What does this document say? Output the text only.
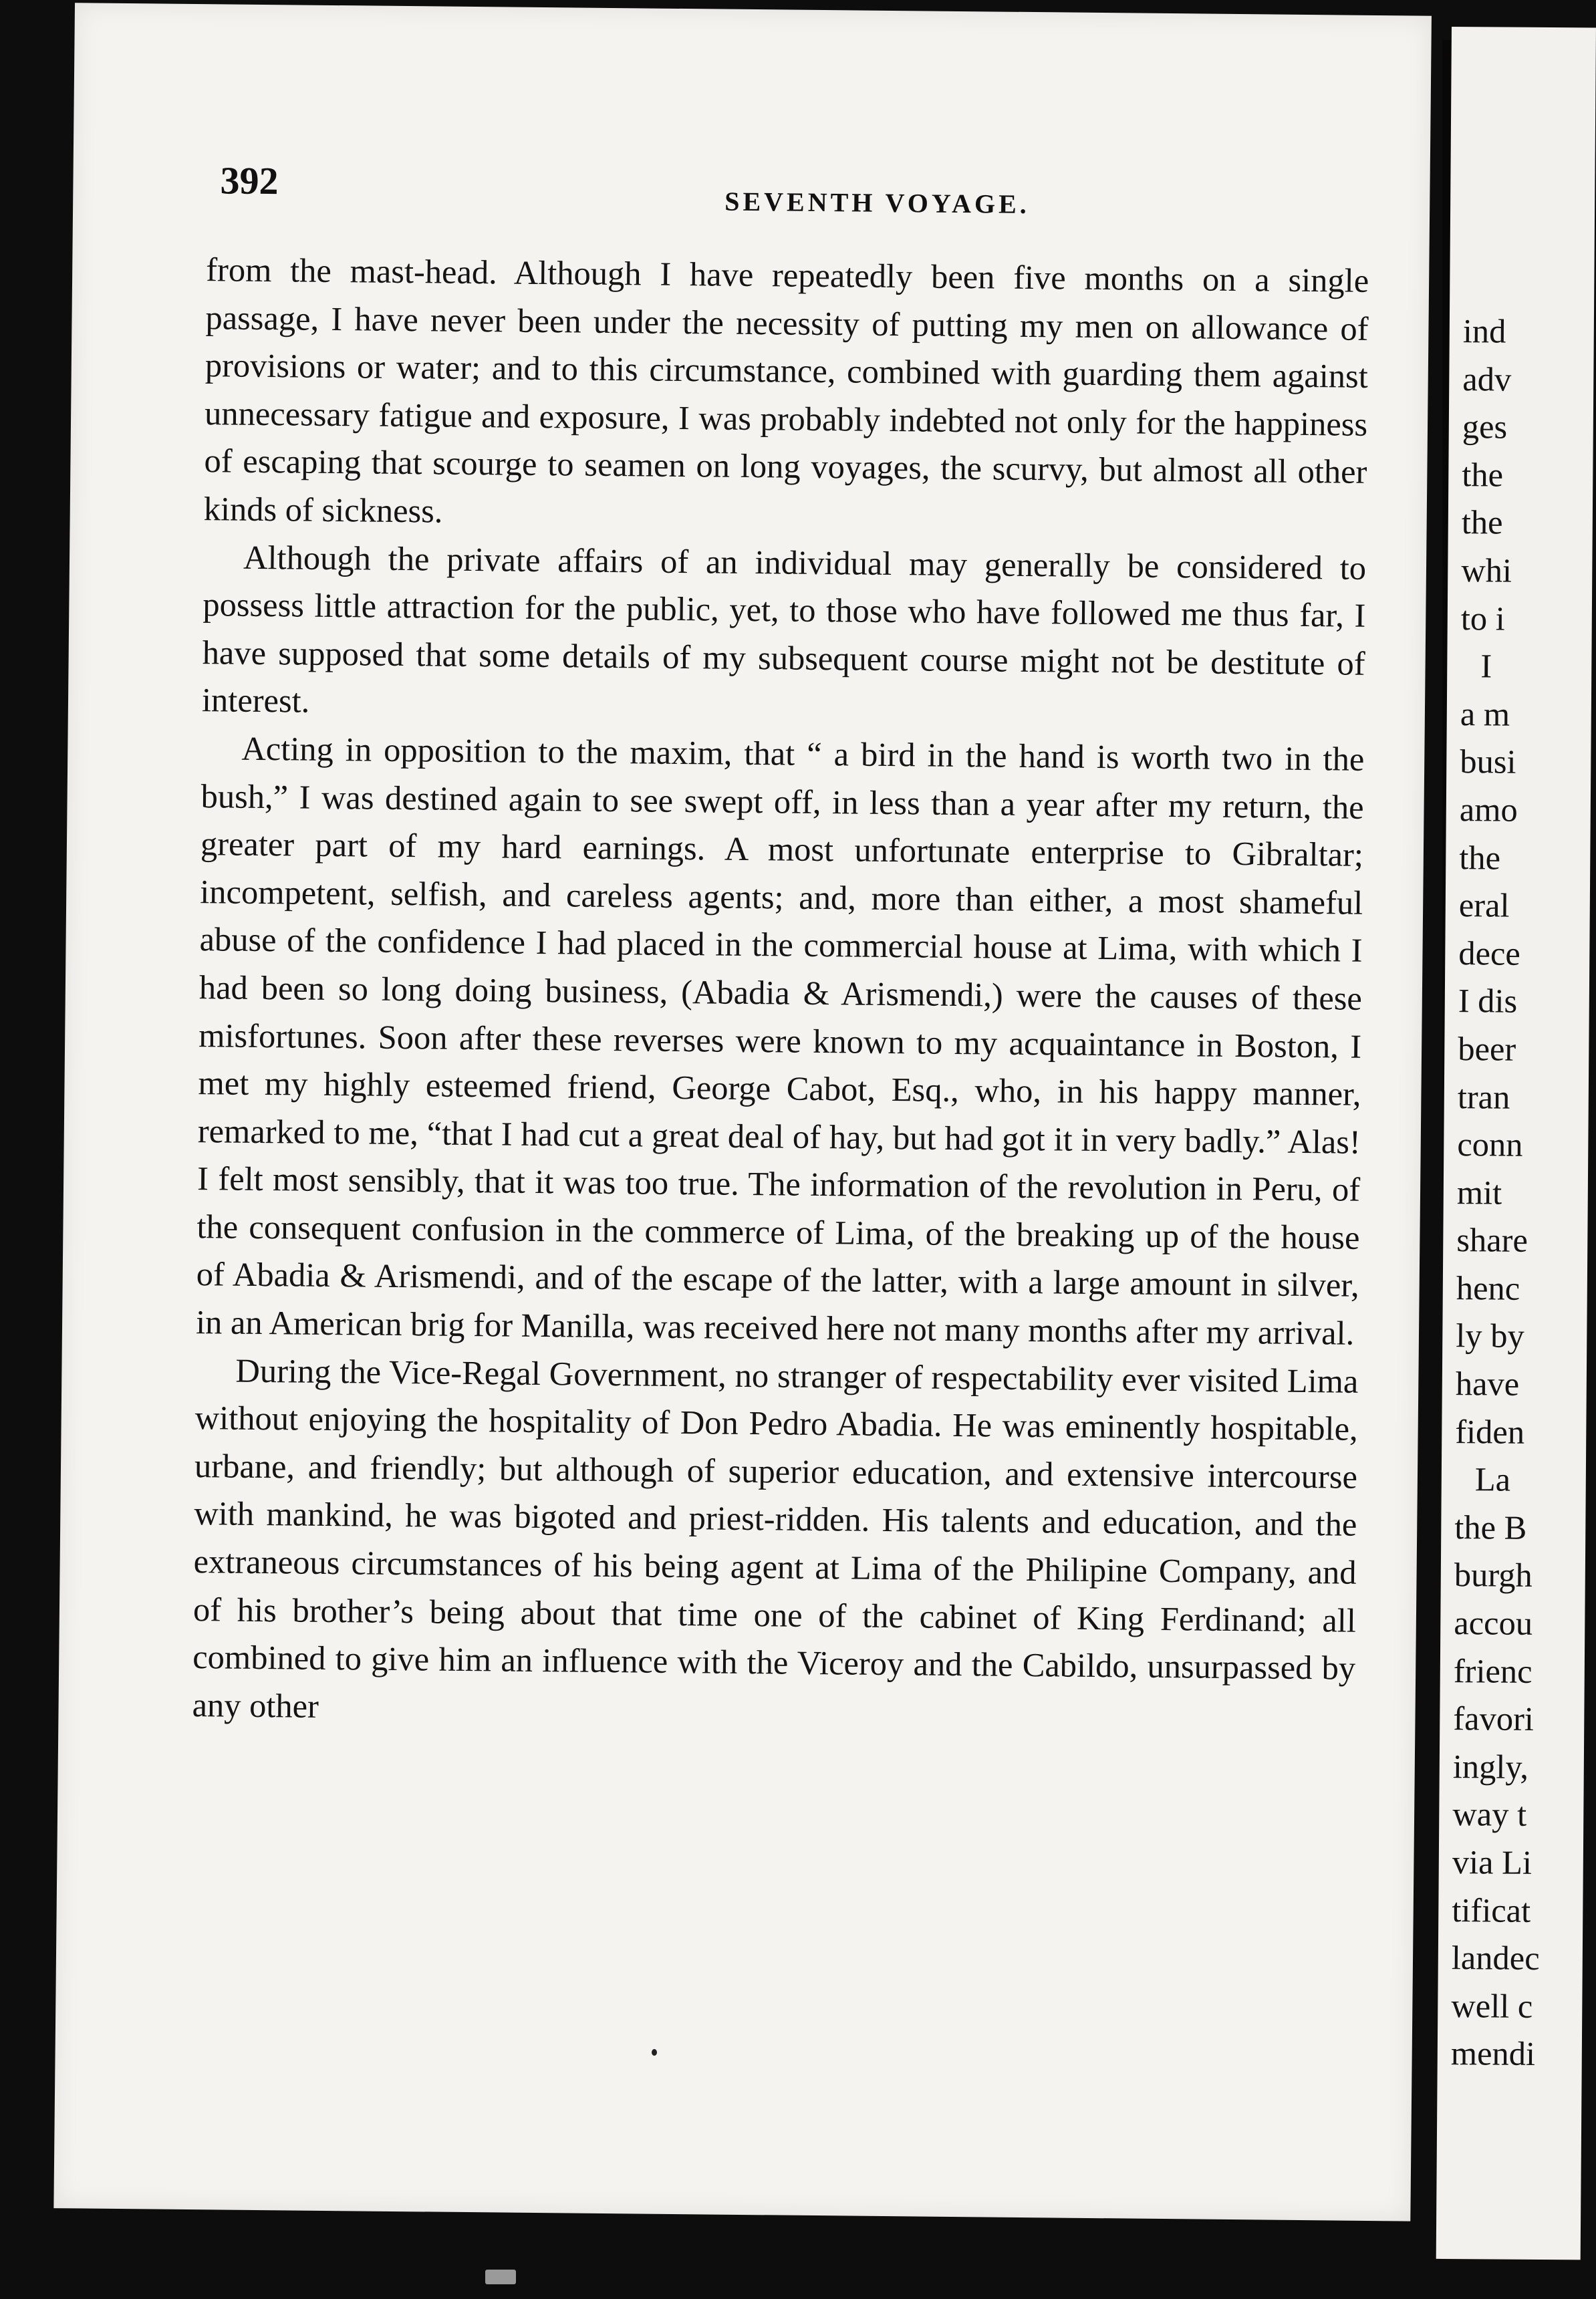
ind
adv
ges
the
the
whi
to i
I
a m
busi
amo
the
eral
dece
I dis
beer
tran
conn
mit
share
henc
ly by
have
fiden
La
the B
burgh
accou
frienc
favori
ingly,
way t
via Li
tificat
landec
well c
mendi
392
SEVENTH VOYAGE.

from the mast-head. Although I have repeatedly been five months on a single passage, I have never been under the necessity of putting my men on allowance of provisions or water; and to this circumstance, combined with guarding them against unnecessary fatigue and exposure, I was probably indebted not only for the happiness of escaping that scourge to seamen on long voyages, the scurvy, but almost all other kinds of sickness.

Although the private affairs of an individual may generally be considered to possess little attraction for the public, yet, to those who have followed me thus far, I have supposed that some details of my subsequent course might not be destitute of interest.

Acting in opposition to the maxim, that “ a bird in the hand is worth two in the bush,” I was destined again to see swept off, in less than a year after my return, the greater part of my hard earnings. A most unfortunate enterprise to Gibraltar; incompetent, selfish, and careless agents; and, more than either, a most shameful abuse of the confidence I had placed in the commercial house at Lima, with which I had been so long doing business, (Abadia & Arismendi,) were the causes of these misfortunes. Soon after these reverses were known to my acquaintance in Boston, I met my highly esteemed friend, George Cabot, Esq., who, in his happy manner, remarked to me, “that I had cut a great deal of hay, but had got it in very badly.” Alas! I felt most sensibly, that it was too true. The information of the revolution in Peru, of the consequent confusion in the commerce of Lima, of the breaking up of the house of Abadia & Arismendi, and of the escape of the latter, with a large amount in silver, in an American brig for Manilla, was received here not many months after my arrival.

During the Vice-Regal Government, no stranger of respectability ever visited Lima without enjoying the hospitality of Don Pedro Abadia. He was eminently hospitable, urbane, and friendly; but although of superior education, and extensive intercourse with mankind, he was bigoted and priest-ridden. His talents and education, and the extraneous circumstances of his being agent at Lima of the Philipine Company, and of his brother’s being about that time one of the cabinet of King Ferdinand; all combined to give him an influence with the Viceroy and the Cabildo, unsurpassed by any other
